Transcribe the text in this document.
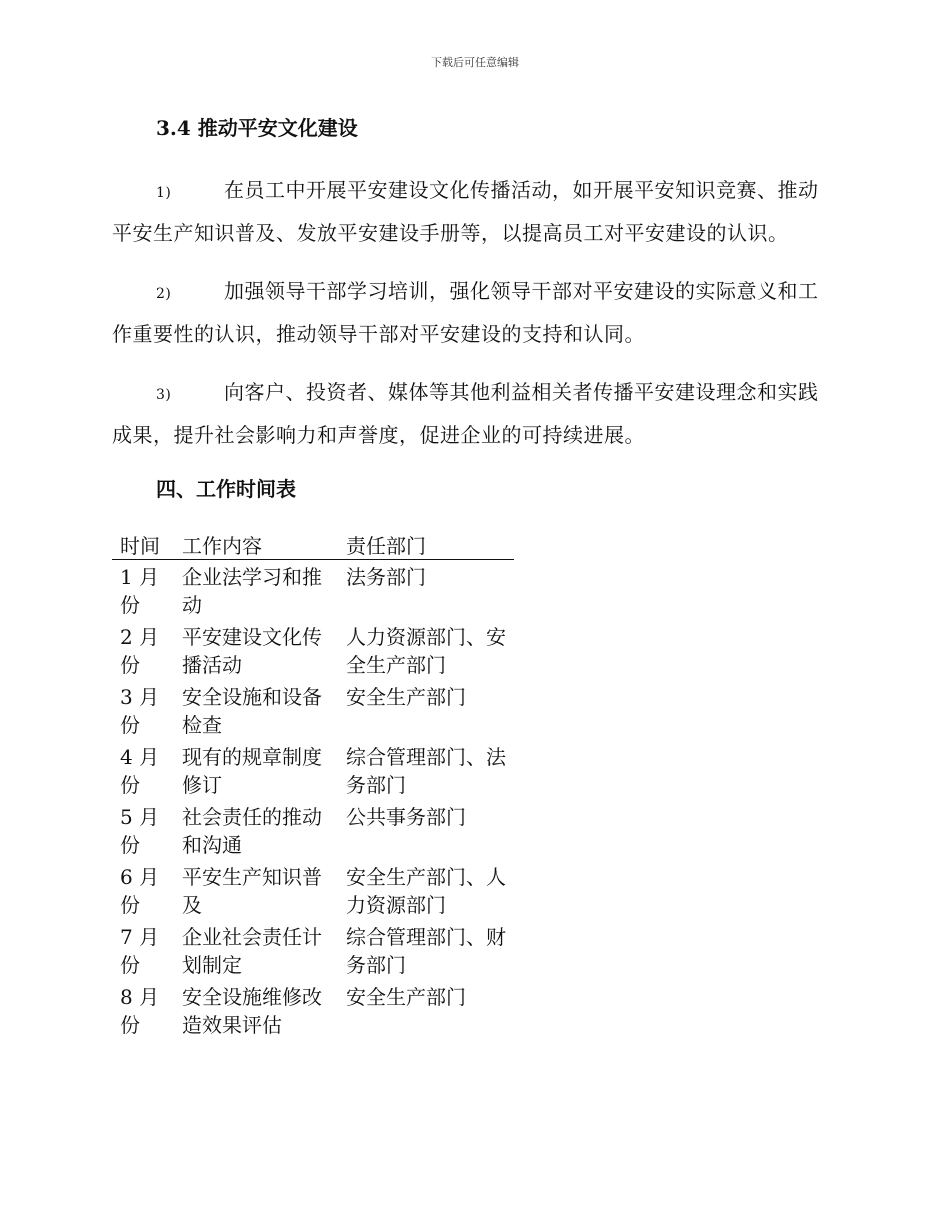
下载后可任意编辑
3.4 推动平安文化建设

1)	在员工中开展平安建设文化传播活动，如开展平安知识竞赛、推动平安生产知识普及、发放平安建设手册等，以提高员工对平安建设的认识。

2)	加强领导干部学习培训，强化领导干部对平安建设的实际意义和工作重要性的认识，推动领导干部对平安建设的支持和认同。

3)	向客户、投资者、媒体等其他利益相关者传播平安建设理念和实践成果，提升社会影响力和声誉度，促进企业的可持续进展。

四、工作时间表
时间	工作内容	责任部门
1 月份	企业法学习和推动	法务部门
2 月份	平安建设文化传播活动	人力资源部门、安全生产部门
3 月份	安全设施和设备检查	安全生产部门
4 月份	现有的规章制度修订	综合管理部门、法务部门
5 月份	社会责任的推动和沟通	公共事务部门
6 月份	平安生产知识普及	安全生产部门、人力资源部门
7 月份	企业社会责任计划制定	综合管理部门、财务部门
8 月份	安全设施维修改造效果评估	安全生产部门
